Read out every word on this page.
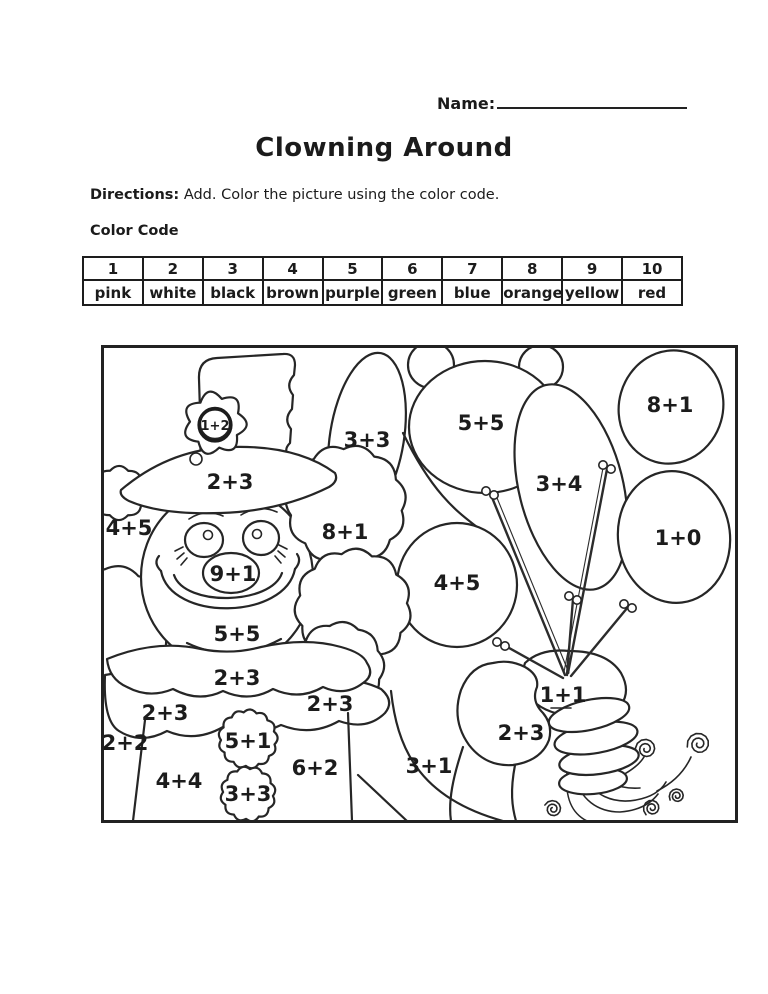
Name:
Clowning Around
Directions: Add. Color the picture using the color code.
Color Code
1	2	3	4	5	6	7	8	9	10
pink	white	black	brown	purple	green	blue	orange	yellow	red
1+2
2+3
3+3
4+5	8+1
9+1
5+5
8+1
3+4
1+0
4+5
5+5
2+3
2+3	2+3
2+2	5+1
4+4
6+2
3+3
1+1
2+3
3+1
